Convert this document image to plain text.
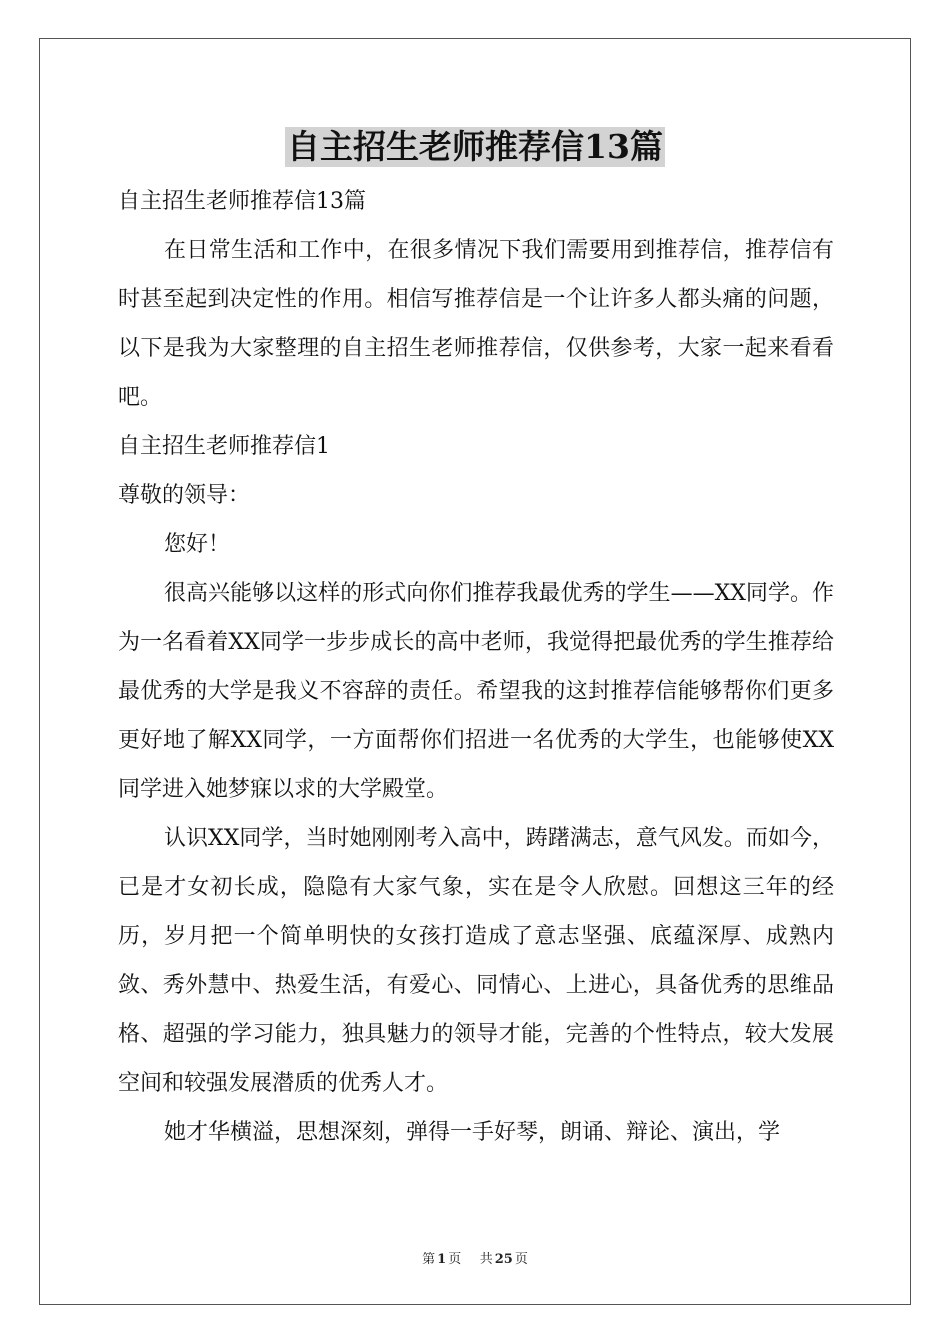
自主招生老师推荐信13篇

自主招生老师推荐信13篇

在日常生活和工作中，在很多情况下我们需要用到推荐信，推荐信有时甚至起到决定性的作用。相信写推荐信是一个让许多人都头痛的问题，以下是我为大家整理的自主招生老师推荐信，仅供参考，大家一起来看看吧。

自主招生老师推荐信1

尊敬的领导：

您好！

很高兴能够以这样的形式向你们推荐我最优秀的学生——XX同学。作为一名看着XX同学一步步成长的高中老师，我觉得把最优秀的学生推荐给最优秀的大学是我义不容辞的责任。希望我的这封推荐信能够帮你们更多更好地了解XX同学，一方面帮你们招进一名优秀的大学生，也能够使XX同学进入她梦寐以求的大学殿堂。

认识XX同学，当时她刚刚考入高中，踌躇满志，意气风发。而如今，已是才女初长成，隐隐有大家气象，实在是令人欣慰。回想这三年的经历，岁月把一个简单明快的女孩打造成了意志坚强、底蕴深厚、成熟内敛、秀外慧中、热爱生活，有爱心、同情心、上进心，具备优秀的思维品格、超强的学习能力，独具魅力的领导才能，完善的个性特点，较大发展空间和较强发展潜质的优秀人才。

她才华横溢，思想深刻，弹得一手好琴，朗诵、辩论、演出，学

第 1 页 共 25 页
